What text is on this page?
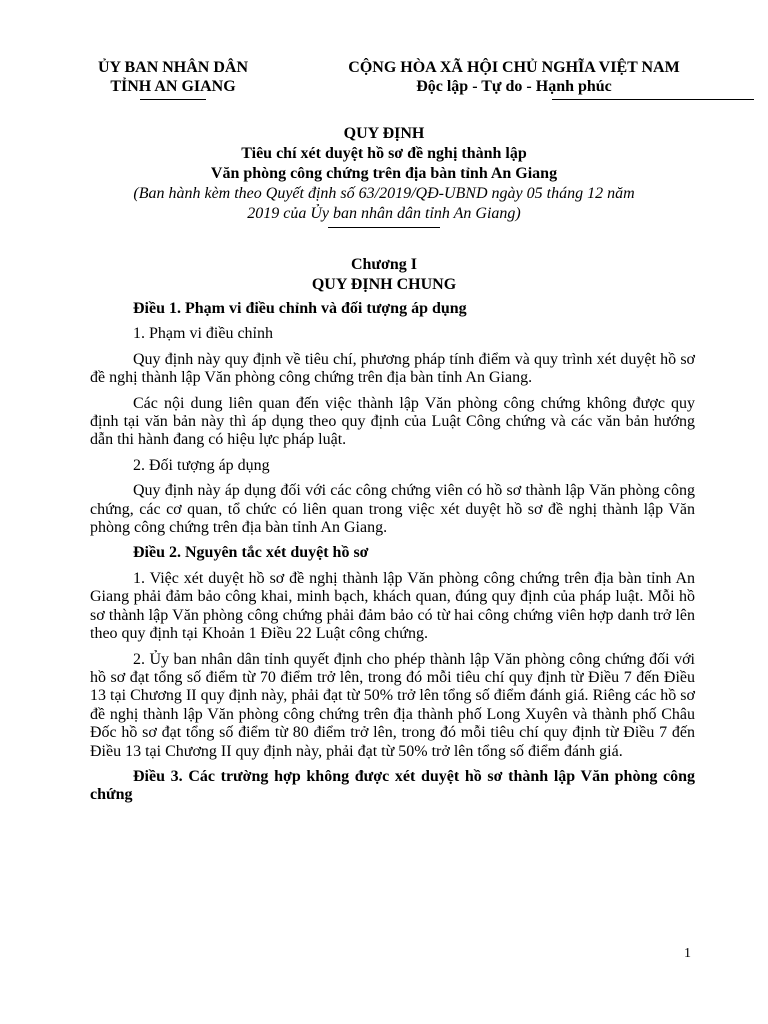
ỦY BAN NHÂN DÂN
TỈNH AN GIANG
CỘNG HÒA XÃ HỘI CHỦ NGHĨA VIỆT NAM
Độc lập - Tự do - Hạnh phúc
QUY ĐỊNH
Tiêu chí xét duyệt hồ sơ đề nghị thành lập
Văn phòng công chứng trên địa bàn tỉnh An Giang
(Ban hành kèm theo Quyết định số 63/2019/QĐ-UBND ngày 05 tháng 12 năm
2019 của Ủy ban nhân dân tỉnh An Giang)
Chương I
QUY ĐỊNH CHUNG

Điều 1. Phạm vi điều chỉnh và đối tượng áp dụng

1. Phạm vi điều chỉnh

Quy định này quy định về tiêu chí, phương pháp tính điểm và quy trình xét duyệt hồ sơ đề nghị thành lập Văn phòng công chứng trên địa bàn tỉnh An Giang.

Các nội dung liên quan đến việc thành lập Văn phòng công chứng không được quy định tại văn bản này thì áp dụng theo quy định của Luật Công chứng và các văn bản hướng dẫn thi hành đang có hiệu lực pháp luật.

2. Đối tượng áp dụng

Quy định này áp dụng đối với các công chứng viên có hồ sơ thành lập Văn phòng công chứng, các cơ quan, tổ chức có liên quan trong việc xét duyệt hồ sơ đề nghị thành lập Văn phòng công chứng trên địa bàn tỉnh An Giang.

Điều 2. Nguyên tắc xét duyệt hồ sơ

1. Việc xét duyệt hồ sơ đề nghị thành lập Văn phòng công chứng trên địa bàn tỉnh An Giang phải đảm bảo công khai, minh bạch, khách quan, đúng quy định của pháp luật. Mỗi hồ sơ thành lập Văn phòng công chứng phải đảm bảo có từ hai công chứng viên hợp danh trở lên theo quy định tại Khoản 1 Điều 22 Luật công chứng.

2. Ủy ban nhân dân tỉnh quyết định cho phép thành lập Văn phòng công chứng đối với hồ sơ đạt tổng số điểm từ 70 điểm trở lên, trong đó mỗi tiêu chí quy định từ Điều 7 đến Điều 13 tại Chương II quy định này, phải đạt từ 50% trở lên tổng số điểm đánh giá. Riêng các hồ sơ đề nghị thành lập Văn phòng công chứng trên địa thành phố Long Xuyên và thành phố Châu Đốc hồ sơ đạt tổng số điểm từ 80 điểm trở lên, trong đó mỗi tiêu chí quy định từ Điều 7 đến Điều 13 tại Chương II quy định này, phải đạt từ 50% trở lên tổng số điểm đánh giá.

Điều 3. Các trường hợp không được xét duyệt hồ sơ thành lập Văn phòng công chứng

1
